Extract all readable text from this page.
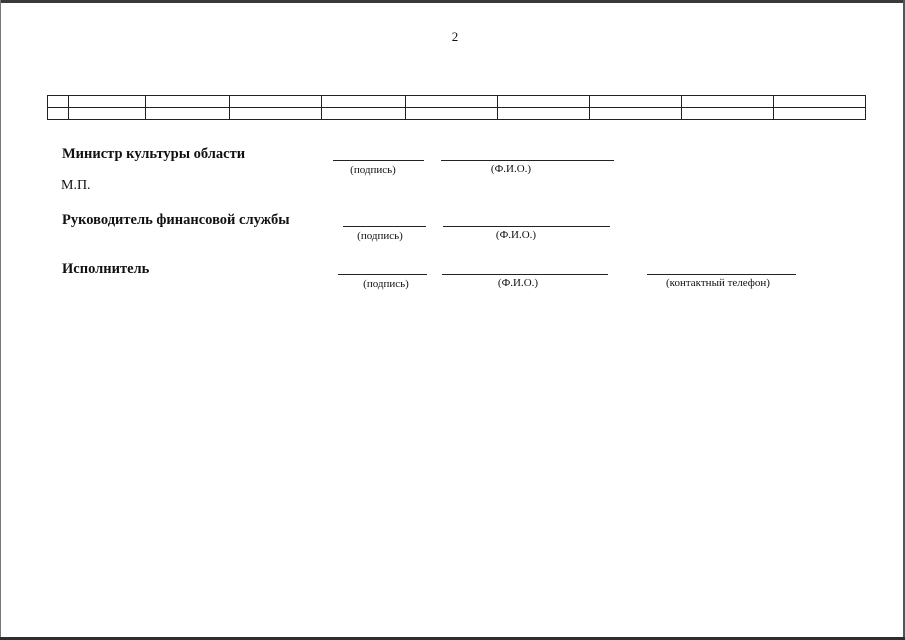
2

Министр культуры области
(подпись)	(Ф.И.О.)
М.П.
Руководитель финансовой службы
(подпись)	(Ф.И.О.)
Исполнитель
(подпись)	(Ф.И.О.)	(контактный телефон)
